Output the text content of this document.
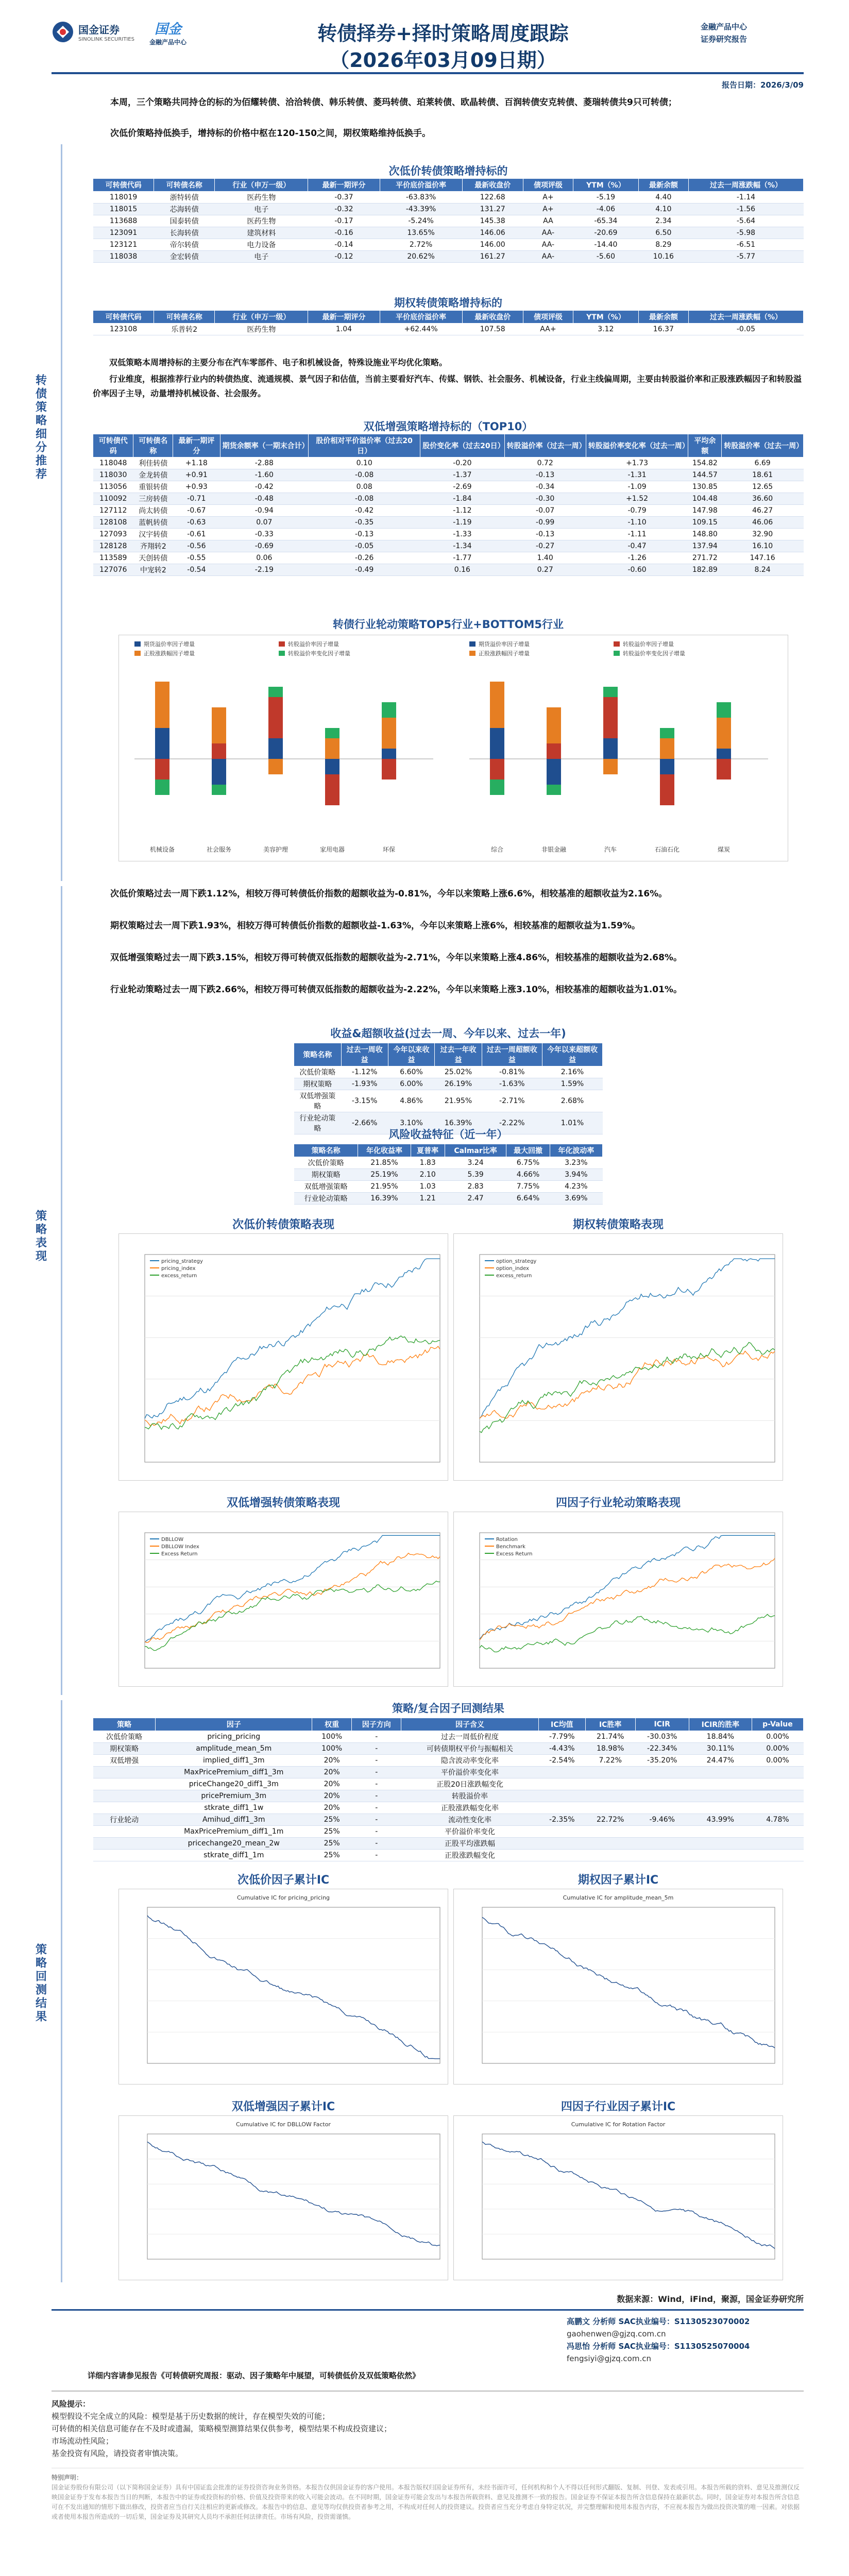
国金证券
SINOLINK SECURITIES
国金
金融产品中心	转债择券+择时策略周度跟踪
（2026年03月09日期）
金融产品中心
证券研究报告
报告日期：2026/3/09
本周，三个策略共同持仓的标的为佰耀转债、洽洽转债、韩乐转债、菱玛转债、珀莱转债、欧晶转债、百润转债安克转债、菱瑞转债共9只可转债；
次低价策略持低换手，增持标的价格中枢在120-150之间，期权策略维持低换手。
转债策略细分推荐
策略表现
策略回测结果
次低价转债策略增持标的
可转债代码	可转债名称	行业（申万一级）	最新一期评分	平价底价溢价率	最新收盘价	债项评级	YTM（%）	最新余额	过去一周涨跌幅（%）
118019	浙特转债	医药生物	-0.37	-63.83%	122.68	A+	-5.19	4.40	-1.14
118015	芯海转债	电子	-0.32	-43.39%	131.27	A+	-4.06	4.10	-1.56
113688	国泰转债	医药生物	-0.17	-5.24%	145.38	AA	-65.34	2.34	-5.64
123091	长海转债	建筑材料	-0.16	13.65%	146.06	AA-	-20.69	6.50	-5.98
123121	帝尔转债	电力设备	-0.14	2.72%	146.00	AA-	-14.40	8.29	-6.51
118038	金宏转债	电子	-0.12	20.62%	161.27	AA-	-5.60	10.16	-5.77
期权转债策略增持标的
可转债代码	可转债名称	行业（申万一级）	最新一期评分	平价底价溢价率	最新收盘价	债项评级	YTM（%）	最新余额	过去一周涨跌幅（%）
123108	乐普转2	医药生物	1.04	+62.44%	107.58	AA+	3.12	16.37	-0.05
双低策略本周增持标的主要分布在汽车零部件、电子和机械设备，特殊设施业平均优化策略。
行业维度，根据推荐行业内的转债热度、流通规模、景气因子和估值，当前主要看好汽车、传媒、钢铁、社会服务、机械设备，行业主线偏周期，主要由转股溢价率和正股涨跌幅因子和转股溢价率因子主导，动量增持机械设备、社会服务。
双低增强策略增持标的（TOP10）
可转债代码	可转债名称	最新一期评分	期货余额率（一期末合计）	股价相对平价溢价率（过去20日）	股价变化率（过去20日）	转股溢价率（过去一周）	转股溢价率变化率（过去一周）	平均余额	转股溢价率（过去一周）
118048	利佳转债	+1.18	-2.88	0.10	-0.20	0.72	+1.73	154.82	6.69
118030	金龙转债	+0.91	-1.60	-0.08	-1.37	-0.13	-1.31	144.57	18.61
113056	重银转债	+0.93	-0.42	0.08	-2.69	-0.34	-1.09	130.85	12.65
110092	三房转债	-0.71	-0.48	-0.08	-1.84	-0.30	+1.52	104.48	36.60
127112	尚太转债	-0.67	-0.94	-0.42	-1.12	-0.07	-0.79	147.98	46.27
128108	蓝帆转债	-0.63	0.07	-0.35	-1.19	-0.99	-1.10	109.15	46.06
127093	汉宇转债	-0.61	-0.33	-0.13	-1.33	-0.13	-1.11	148.80	32.90
128128	齐翔转2	-0.56	-0.69	-0.05	-1.34	-0.27	-0.47	137.94	16.10
113589	天创转债	-0.55	0.06	-0.26	-1.77	1.40	-1.26	271.72	147.16
127076	中宠转2	-0.54	-2.19	-0.49	0.16	0.27	-0.60	182.89	8.24
转债行业轮动策略TOP5行业+BOTTOM5行业
期货溢价率因子增量	转股溢价率因子增量
正股涨跌幅因子增量	转股溢价率变化因子增量
机械设备	社会服务	美容护理	家用电器	环保
期货溢价率因子增量	转股溢价率因子增量
正股涨跌幅因子增量	转股溢价率变化因子增量
综合	非银金融	汽车	石油石化	煤炭
次低价策略过去一周下跌1.12%，相较万得可转债低价指数的超额收益为-0.81%，今年以来策略上涨6.6%，相较基准的超额收益为2.16%。
期权策略过去一周下跌1.93%，相较万得可转债低价指数的超额收益-1.63%，今年以来策略上涨6%，相较基准的超额收益为1.59%。
双低增强策略过去一周下跌3.15%，相较万得可转债双低指数的超额收益为-2.71%，今年以来策略上涨4.86%，相较基准的超额收益为2.68%。
行业轮动策略过去一周下跌2.66%，相较万得可转债双低指数的超额收益为-2.22%，今年以来策略上涨3.10%，相较基准的超额收益为1.01%。
收益&超额收益(过去一周、今年以来、过去一年)
策略名称	过去一周收益	今年以来收益	过去一年收益	过去一周超额收益	今年以来超额收益
次低价策略	-1.12%	6.60%	25.02%	-0.81%	2.16%
期权策略	-1.93%	6.00%	26.19%	-1.63%	1.59%
双低增强策略	-3.15%	4.86%	21.95%	-2.71%	2.68%
行业轮动策略	-2.66%	3.10%	16.39%	-2.22%	1.01%
风险收益特征（近一年）
策略名称	年化收益率	夏普率	Calmar比率	最大回撤	年化波动率
次低价策略	21.85%	1.83	3.24	6.75%	3.23%
期权策略	25.19%	2.10	5.39	4.66%	3.94%
双低增强策略	21.95%	1.03	2.83	7.75%	4.23%
行业轮动策略	16.39%	1.21	2.47	6.64%	3.69%
次低价转债策略表现	期权转债策略表现
pricing_strategy
pricing_index
excess_return
option_strategy
option_index
excess_return
双低增强转债策略表现	四因子行业轮动策略表现
DBLLOW
DBLLOW Index
Excess Return
Rotation
Benchmark
Excess Return
策略/复合因子回测结果
策略	因子	权重	因子方向	因子含义	IC均值	IC胜率	ICIR	ICIR的胜率	p-Value
次低价策略	pricing_pricing	100%	-	过去一周低价程度	-7.79%	21.74%	-30.03%	18.84%	0.00%
期权策略	amplitude_mean_5m	100%	-	可转债期权平价与振幅相关	-4.43%	18.98%	-22.34%	30.11%	0.00%
双低增强	implied_diff1_3m	20%	-	隐含波动率变化率	-2.54%	7.22%	-35.20%	24.47%	0.00%
	MaxPricePremium_diff1_3m	20%	-	平价溢价率变化率					
	priceChange20_diff1_3m	20%	-	正股20日涨跌幅变化					
	pricePremium_3m	20%	-	转股溢价率					
	stkrate_diff1_1w	20%	-	正股涨跌幅变化率					
行业轮动	Amihud_diff1_3m	25%	-	流动性变化率	-2.35%	22.72%	-9.46%	43.99%	4.78%
	MaxPricePremium_diff1_1m	25%	-	平价溢价率变化					
	pricechange20_mean_2w	25%	-	正股平均涨跌幅					
	stkrate_diff1_1m	25%	-	正股涨跌幅变化					
次低价因子累计IC	期权因子累计IC
Cumulative IC for pricing_pricing	Cumulative IC for amplitude_mean_5m
双低增强因子累计IC	四因子行业因子累计IC
Cumulative IC for DBLLOW Factor	Cumulative IC for Rotation Factor
数据来源：Wind，iFind，聚源，国金证券研究所
高鹏文 分析师 SAC执业编号：S1130523070002
gaohenwen@gjzq.com.cn
冯思怡 分析师 SAC执业编号：S1130525070004
fengsiyi@gjzq.com.cn
详细内容请参见报告《可转债研究周报：驱动、因子策略年中展望，可转债低价及双低策略依然》
风险提示：
模型假设不完全成立的风险：模型是基于历史数据的统计，存在模型失效的可能；
可转债的相关信息可能存在不及时或遗漏，策略模型测算结果仅供参考，模型结果不构成投资建议；
市场流动性风险；
基金投资有风险，请投资者审慎决策。
特别声明：
国金证券股份有限公司（以下简称国金证券）具有中国证监会批准的证券投资咨询业务资格。本报告仅供国金证券的客户使用。本报告版权归国金证券所有，未经书面许可，任何机构和个人不得以任何形式翻版、复制、刊登、发表或引用。本报告所载的资料、意见及推测仅反映国金证券于发布本报告当日的判断，本报告中的证券或投资标的价格、价值及投资带来的收入可能会波动。在不同时期，国金证券可能会发出与本报告所载资料、意见及推测不一致的报告。国金证券不保证本报告所含信息保持在最新状态。同时，国金证券对本报告所含信息可在不发出通知的情形下做出修改，投资者应当自行关注相应的更新或修改。本报告中的信息、意见等均仅供投资者参考之用，不构成对任何人的投资建议。投资者应当充分考虑自身特定状况，并完整理解和使用本报告内容，不应视本报告为做出投资决策的唯一因素。对依据或者使用本报告所造成的一切后果，国金证券及其研究人员均不承担任何法律责任。市场有风险，投资需谨慎。
